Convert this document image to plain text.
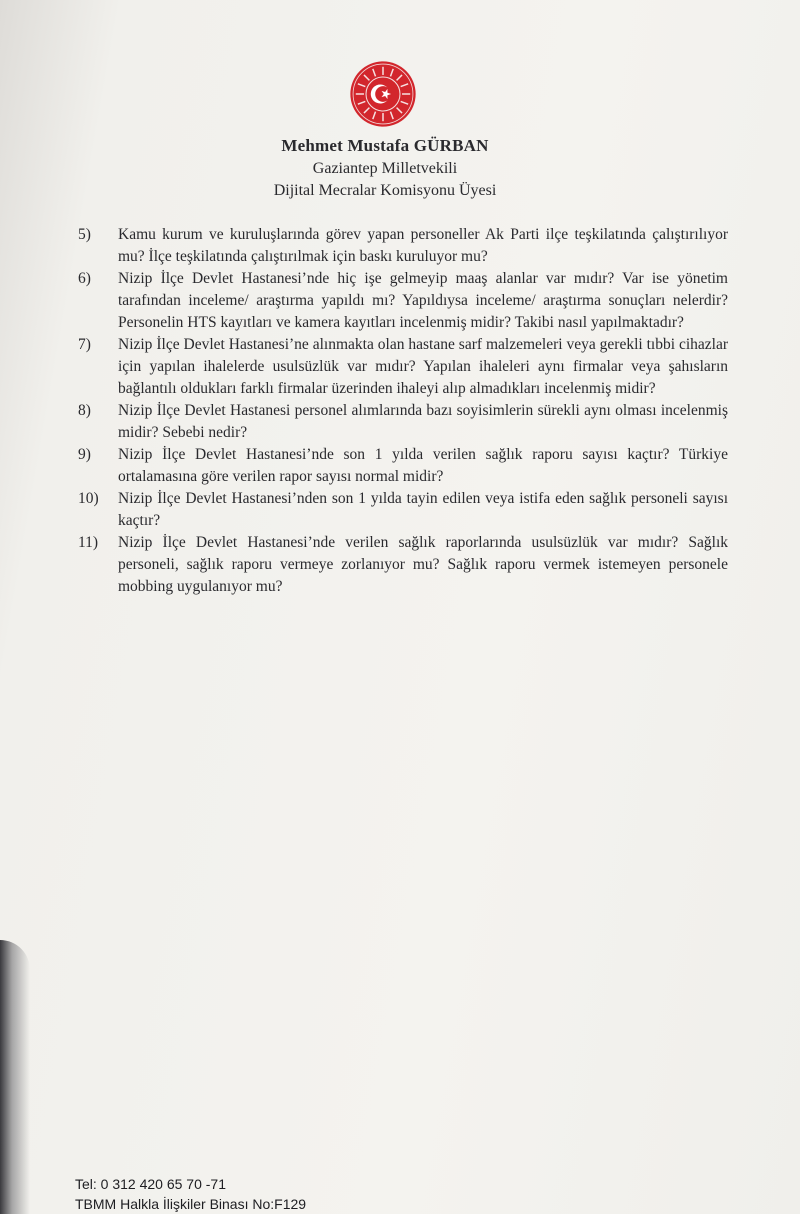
Mehmet Mustafa GÜRBAN
Gaziantep Milletvekili
Dijital Mecralar Komisyonu Üyesi
5)	Kamu kurum ve kuruluşlarında görev yapan personeller Ak Parti ilçe teşkilatında çalıştırılıyor mu? İlçe teşkilatında çalıştırılmak için baskı kuruluyor mu?
6)	Nizip İlçe Devlet Hastanesi’nde hiç işe gelmeyip maaş alanlar var mıdır? Var ise yönetim tarafından inceleme/ araştırma yapıldı mı? Yapıldıysa inceleme/ araştırma sonuçları nelerdir? Personelin HTS kayıtları ve kamera kayıtları incelenmiş midir? Takibi nasıl yapılmaktadır?
7)	Nizip İlçe Devlet Hastanesi’ne alınmakta olan hastane sarf malzemeleri veya gerekli tıbbi cihazlar için yapılan ihalelerde usulsüzlük var mıdır? Yapılan ihaleleri aynı firmalar veya şahısların bağlantılı oldukları farklı firmalar üzerinden ihaleyi alıp almadıkları incelenmiş midir?
8)	Nizip İlçe Devlet Hastanesi personel alımlarında bazı soyisimlerin sürekli aynı olması incelenmiş midir? Sebebi nedir?
9)	Nizip İlçe Devlet Hastanesi’nde son 1 yılda verilen sağlık raporu sayısı kaçtır? Türkiye ortalamasına göre verilen rapor sayısı normal midir?
10)	Nizip İlçe Devlet Hastanesi’nden son 1 yılda tayin edilen veya istifa eden sağlık personeli sayısı kaçtır?
11)	Nizip İlçe Devlet Hastanesi’nde verilen sağlık raporlarında usulsüzlük var mıdır? Sağlık personeli, sağlık raporu vermeye zorlanıyor mu? Sağlık raporu vermek istemeyen personele mobbing uygulanıyor mu?
Tel: 0 312 420 65 70 -71
TBMM Halkla İlişkiler Binası No:F129
